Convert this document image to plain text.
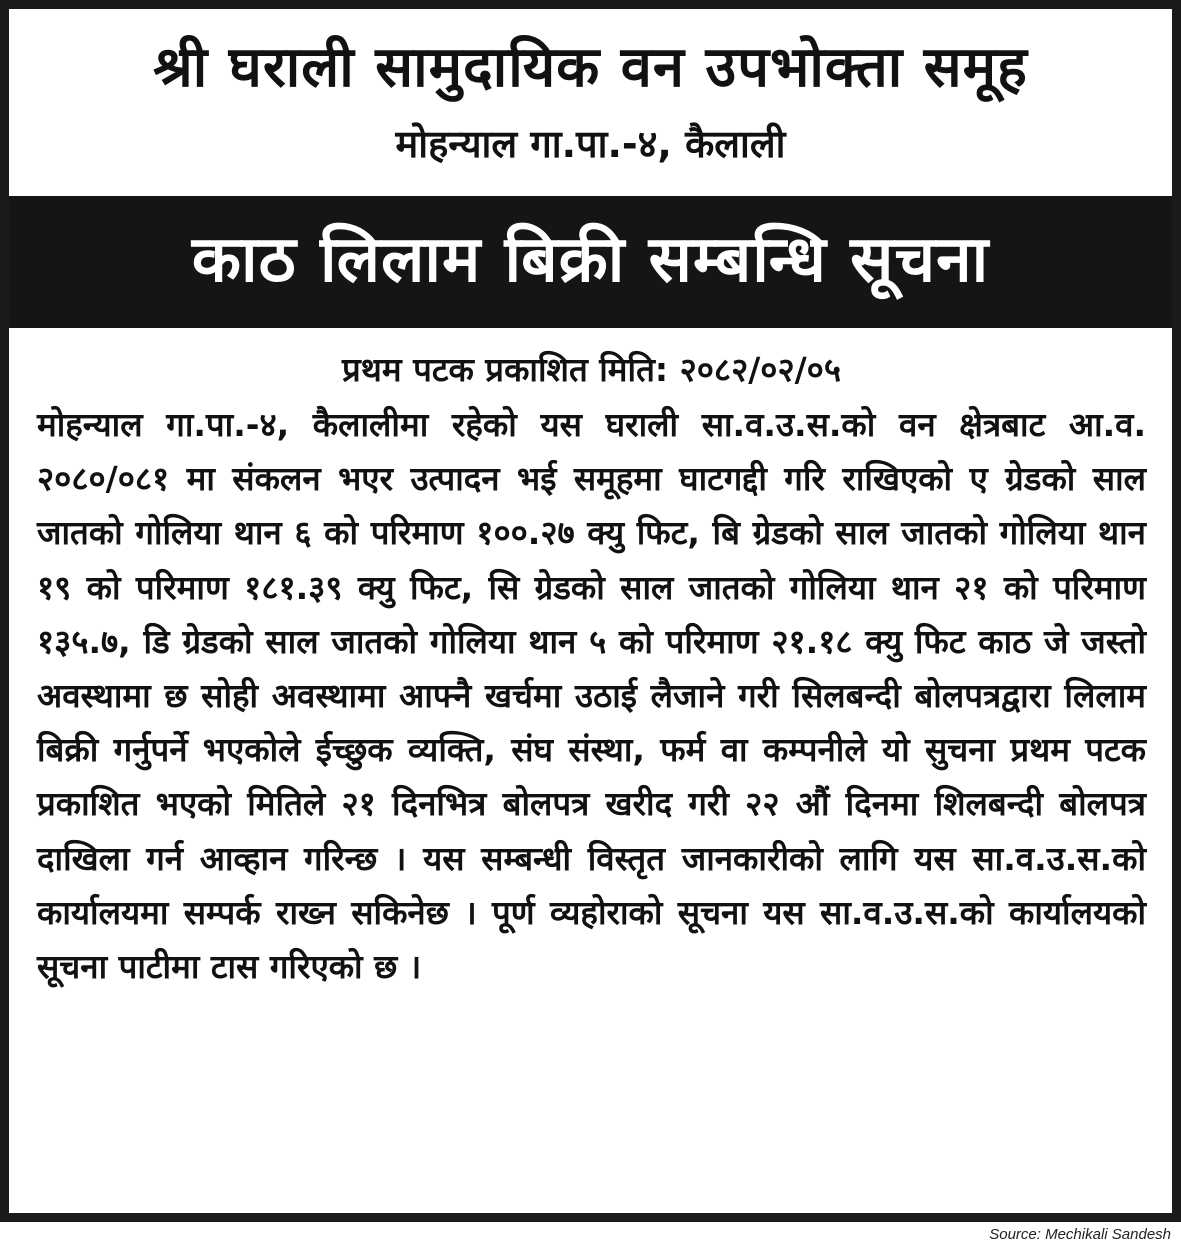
श्री घराली सामुदायिक वन उपभोक्ता समूह

मोहन्याल गा.पा.-४, कैलाली

काठ लिलाम बिक्री सम्बन्धि सूचना

प्रथम पटक प्रकाशित मिति: २०८२/०२/०५

मोहन्याल गा.पा.-४, कैलालीमा रहेको यस घराली सा.व.उ.स.को वन क्षेत्रबाट आ.व. २०८०/०८१ मा संकलन भएर उत्पादन भई समूहमा घाटगद्दी गरि राखिएको ए ग्रेडको साल जातको गोलिया थान ६ को परिमाण १००.२७ क्यु फिट, बि ग्रेडको साल जातको गोलिया थान १९ को परिमाण १८१.३९ क्यु फिट, सि ग्रेडको साल जातको गोलिया थान २१ को परिमाण १३५.७, डि ग्रेडको साल जातको गोलिया थान ५ को परिमाण २१.१८ क्यु फिट काठ जे जस्तो अवस्थामा छ सोही अवस्थामा आफ्नै खर्चमा उठाई लैजाने गरी सिलबन्दी बोलपत्रद्वारा लिलाम बिक्री गर्नुपर्ने भएकोले ईच्छुक व्यक्ति, संघ संस्था, फर्म वा कम्पनीले यो सुचना प्रथम पटक प्रकाशित भएको मितिले २१ दिनभित्र बोलपत्र खरीद गरी २२ औं दिनमा शिलबन्दी बोलपत्र दाखिला गर्न आव्हान गरिन्छ । यस सम्बन्धी विस्तृत जानकारीको लागि यस सा.व.उ.स.को कार्यालयमा सम्पर्क राख्न सकिनेछ । पूर्ण व्यहोराको सूचना यस सा.व.उ.स.को कार्यालयको सूचना पाटीमा टास गरिएको छ ।

Source: Mechikali Sandesh
